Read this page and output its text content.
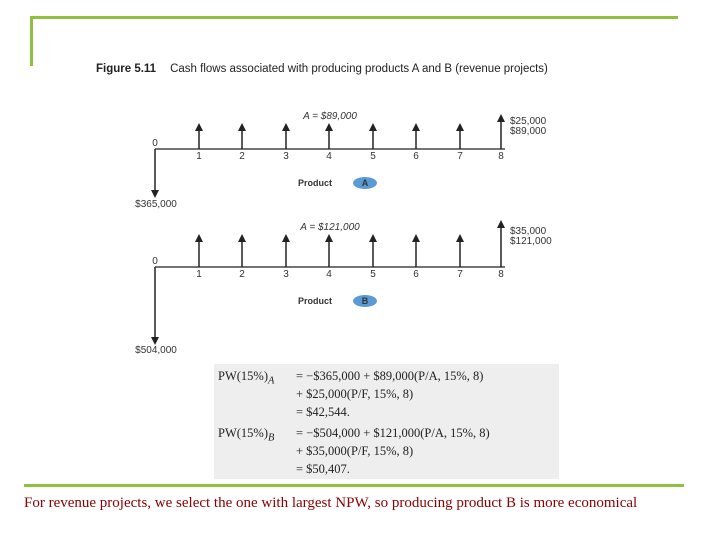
Figure 5.11 Cash flows associated with producing products A and B (revenue projects)
0
1	2	3	4	5	6	7	8
A = $89,000
$365,000
$25,000
$89,000
Product	A
0
1	2	3	4	5	6	7	8
A = $121,000
$504,000
$35,000
$121,000
Product	B
$PW(15\%)_A$ = −$365,000 + $89,000(P/A, 15%, 8)
+ $25,000(P/F, 15%, 8)
= $42,544.
$PW(15\%)_B$ = −$504,000 + $121,000(P/A, 15%, 8)
+ $35,000(P/F, 15%, 8)
= $50,407.
For revenue projects, we select the one with largest NPW, so producing product B is more economical
